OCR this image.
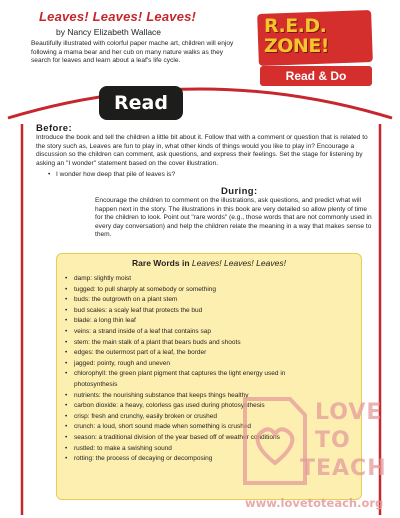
Leaves! Leaves! Leaves!
by Nancy Elizabeth Wallace
Beautifully illustrated with colorful paper mache art, children will enjoy following a mama bear and her cub on many nature walks as they search for leaves and learn about a leaf's life cycle.
R.E.D. ZONE!
Read & Do
Read
Before:
Introduce the book and tell the children a little bit about it. Follow that with a comment or question that is related to the story such as, Leaves are fun to play in, what other kinds of things would you like to play in? Encourage a discussion so the children can comment, ask questions, and express their feelings. Set the stage for listening by asking an "I wonder" statement based on the cover illustration.
• I wonder how deep that pile of leaves is?
During:
Encourage the children to comment on the illustrations, ask questions, and predict what will happen next in the story. The illustrations in this book are very detailed so allow plenty of time for the children to look. Point out "rare words" (e.g., those words that are not commonly used in every day conversation) and help the children relate the meaning in a way that makes sense to them.
Rare Words in Leaves! Leaves! Leaves!
• damp: slightly moist
• tugged: to pull sharply at somebody or something
• buds: the outgrowth on a plant stem
• bud scales: a scaly leaf that protects the bud
• blade: a long thin leaf
• veins: a strand inside of a leaf that contains sap
• stem: the main stalk of a plant that bears buds and shoots
• edges: the outermost part of a leaf, the border
• jagged: pointy, rough and uneven
• chlorophyll: the green plant pigment that captures the light energy used in photosynthesis
• nutrients: the nourishing substance that keeps things healthy
• carbon dioxide: a heavy, colorless gas used during photosynthesis
• crisp: fresh and crunchy, easily broken or crushed
• crunch: a loud, short sound made when something is crushed
• season: a traditional division of the year based off of weather conditions
• rustled: to make a swishing sound
• rotting: the process of decaying or decomposing
LOVE
TO
TEACH
www.lovetoteach.org
